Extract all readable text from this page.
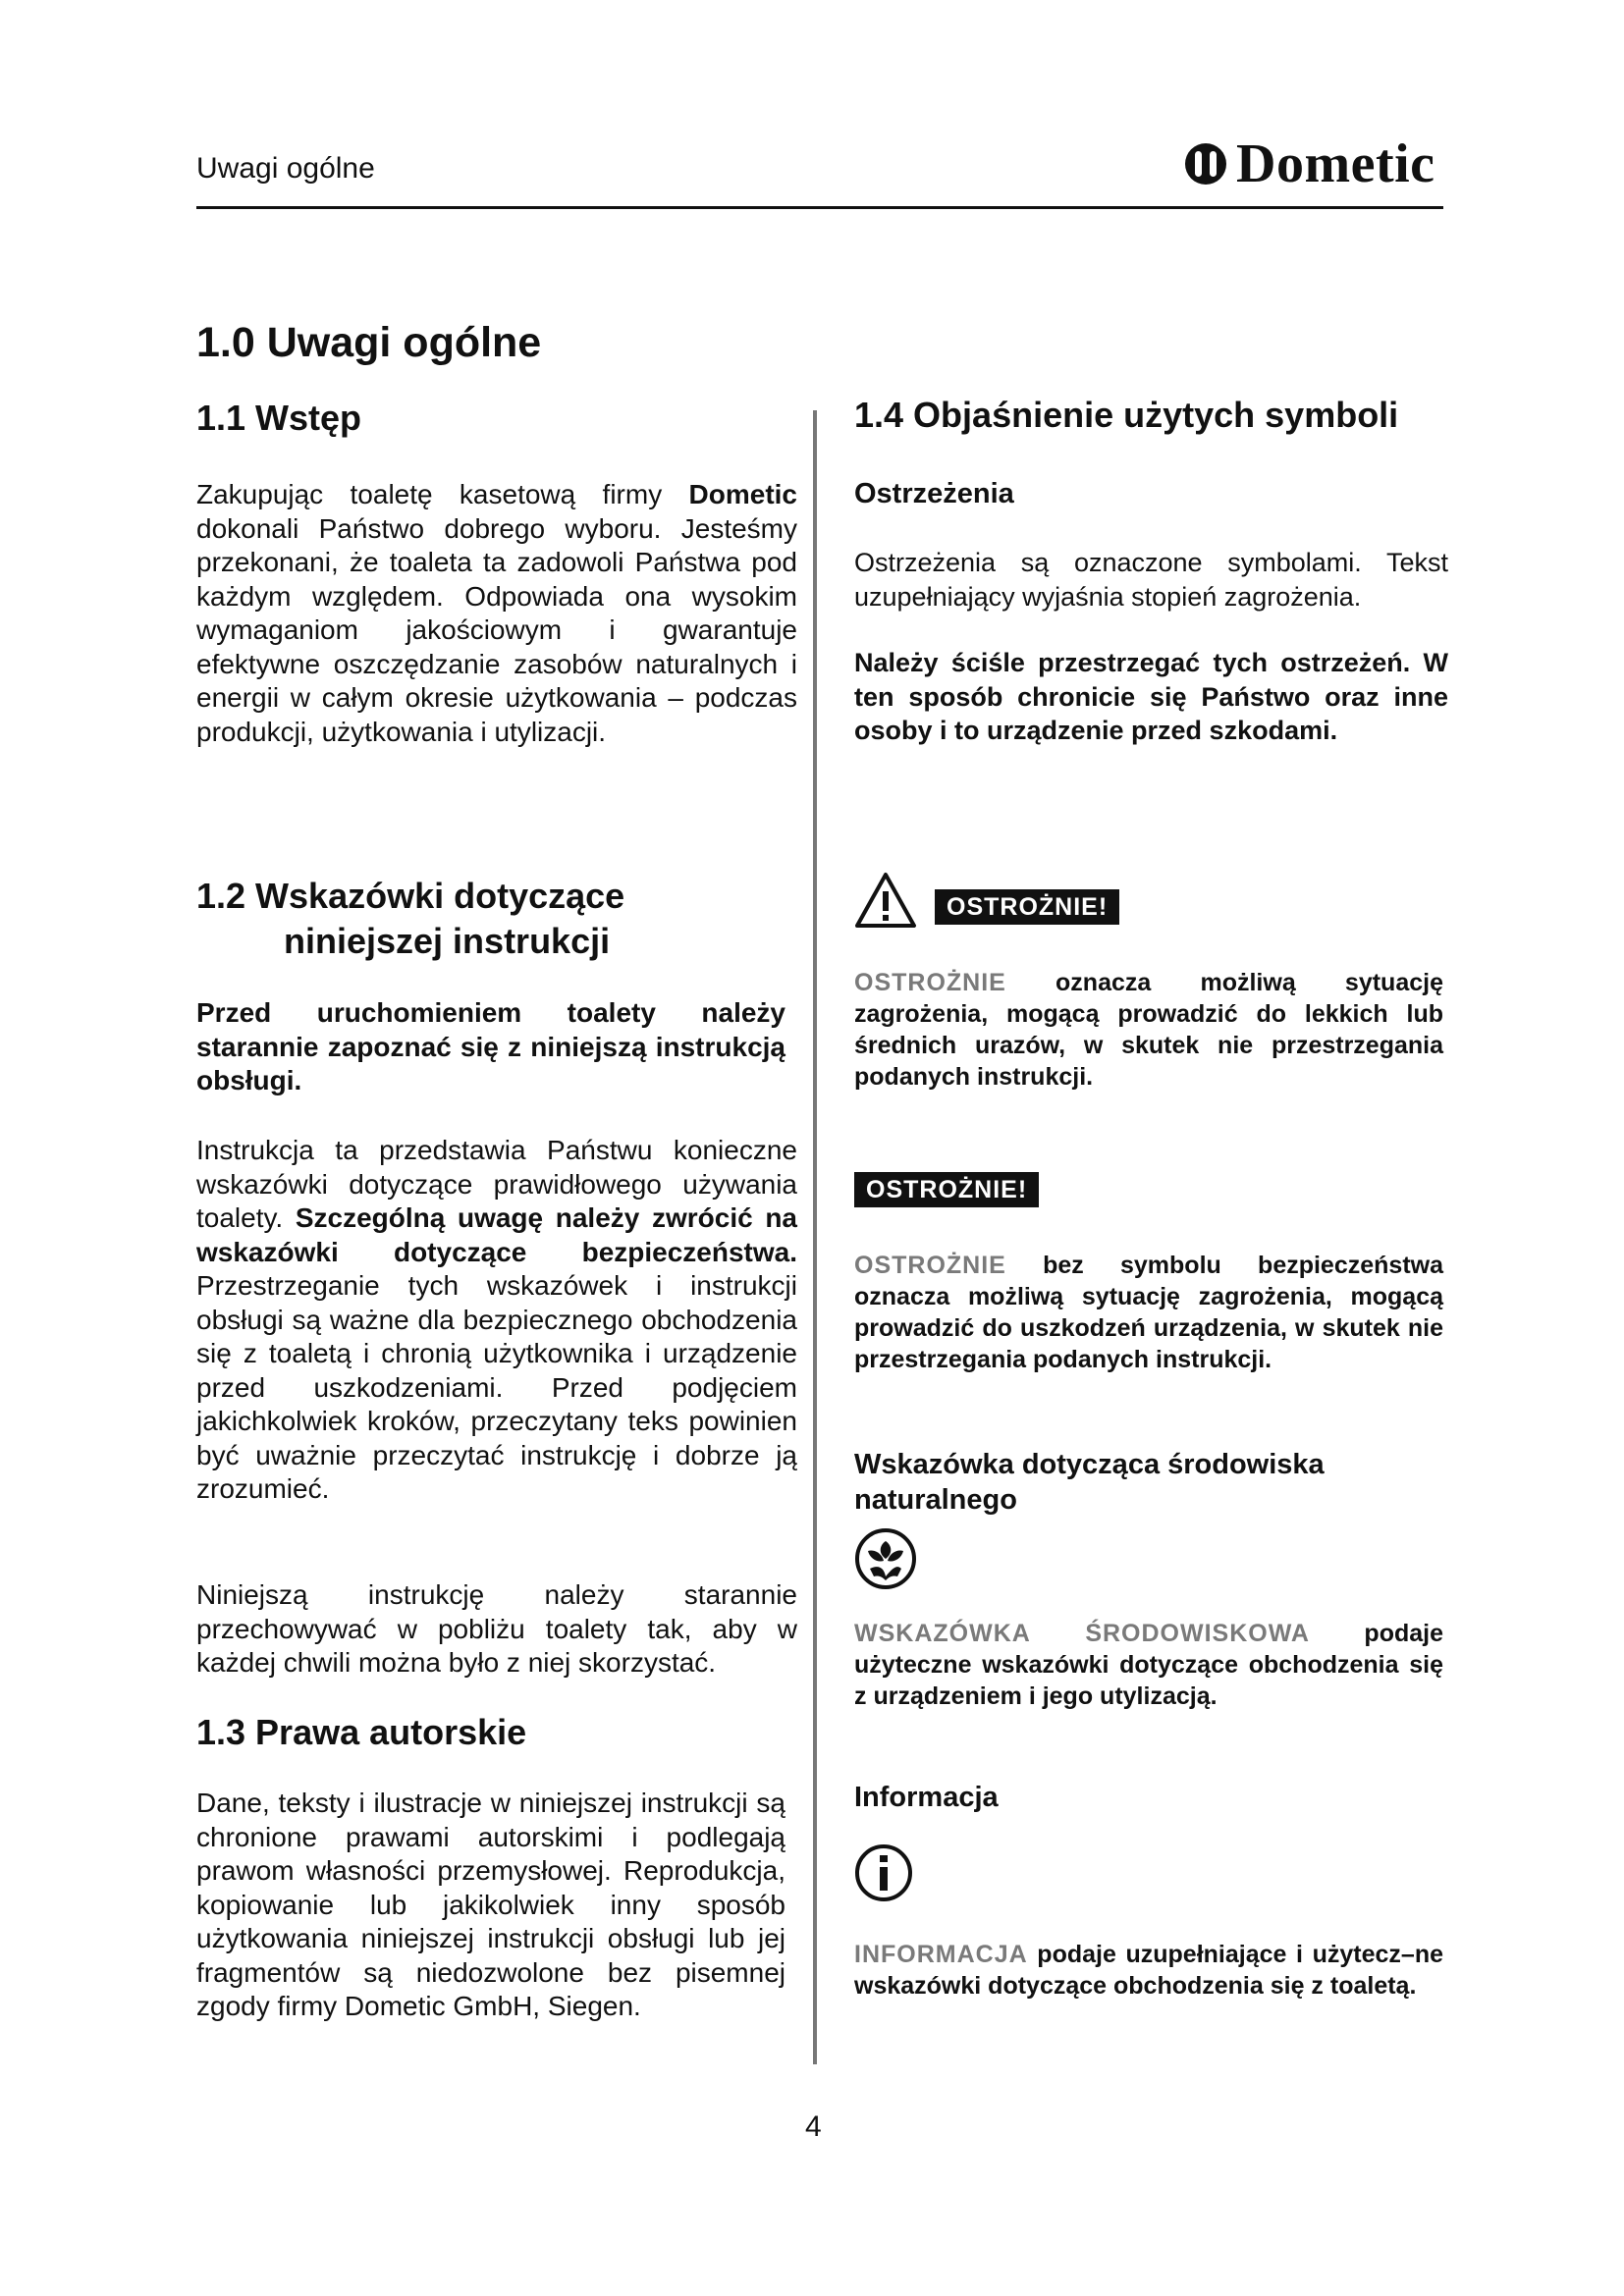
Uwagi ogólne	Dometic
1.0 Uwagi ogólne
1.1 Wstęp

Zakupując toaletę kasetową firmy Dometic dokonali Państwo dobrego wyboru. Jesteśmy przekonani, że toaleta ta zadowoli Państwa pod każdym względem. Odpowiada ona wysokim wymaganiom jakościowym i gwarantuje efektywne oszczędzanie zasobów naturalnych i energii w całym okresie użytkowania – podczas produkcji, użytkowania i utylizacji.

1.2 Wskazówki dotyczące
niniejszej instrukcji

Przed uruchomieniem toalety należy starannie zapoznać się z niniejszą instrukcją obsługi.

Instrukcja ta przedstawia Państwu konieczne wskazówki dotyczące prawidłowego używania toalety. Szczególną uwagę należy zwrócić na wskazówki dotyczące bezpieczeństwa. Przestrzeganie tych wskazówek i instrukcji obsługi są ważne dla bezpiecznego obchodzenia się z toaletą i chronią użytkownika i urządzenie przed uszkodzeniami. Przed podjęciem jakichkolwiek kroków, przeczytany teks powinien być uważnie przeczytać instrukcję i dobrze ją zrozumieć.

Niniejszą instrukcję należy starannie przechowywać w pobliżu toalety tak, aby w każdej chwili można było z niej skorzystać.

1.3 Prawa autorskie

Dane, teksty i ilustracje w niniejszej instrukcji są chronione prawami autorskimi i podlegają prawom własności przemysłowej. Reprodukcja, kopiowanie lub jakikolwiek inny sposób użytkowania niniejszej instrukcji obsługi lub jej fragmentów są niedozwolone bez pisemnej zgody firmy Dometic GmbH, Siegen.

1.4 Objaśnienie użytych symboli
Ostrzeżenia

Ostrzeżenia są oznaczone symbolami. Tekst uzupełniający wyjaśnia stopień zagrożenia.

Należy ściśle przestrzegać tych ostrzeżeń. W ten sposób chronicie się Państwo oraz inne osoby i to urządzenie przed szkodami.

OSTROŻNIE!

OSTROŻNIE oznacza możliwą sytuację zagrożenia, mogącą prowadzić do lekkich lub średnich urazów, w skutek nie przestrzegania podanych instrukcji.

OSTROŻNIE!

OSTROŻNIE bez symbolu bezpieczeństwa oznacza możliwą sytuację zagrożenia, mogącą prowadzić do uszkodzeń urządzenia, w skutek nie przestrzegania podanych instrukcji.

Wskazówka dotycząca środowiska naturalnego

WSKAZÓWKA ŚRODOWISKOWA podaje użyteczne wskazówki dotyczące obchodzenia się z urządzeniem i jego utylizacją.

Informacja

INFORMACJA podaje uzupełniające i użytecz–ne wskazówki dotyczące obchodzenia się z toaletą.

4
